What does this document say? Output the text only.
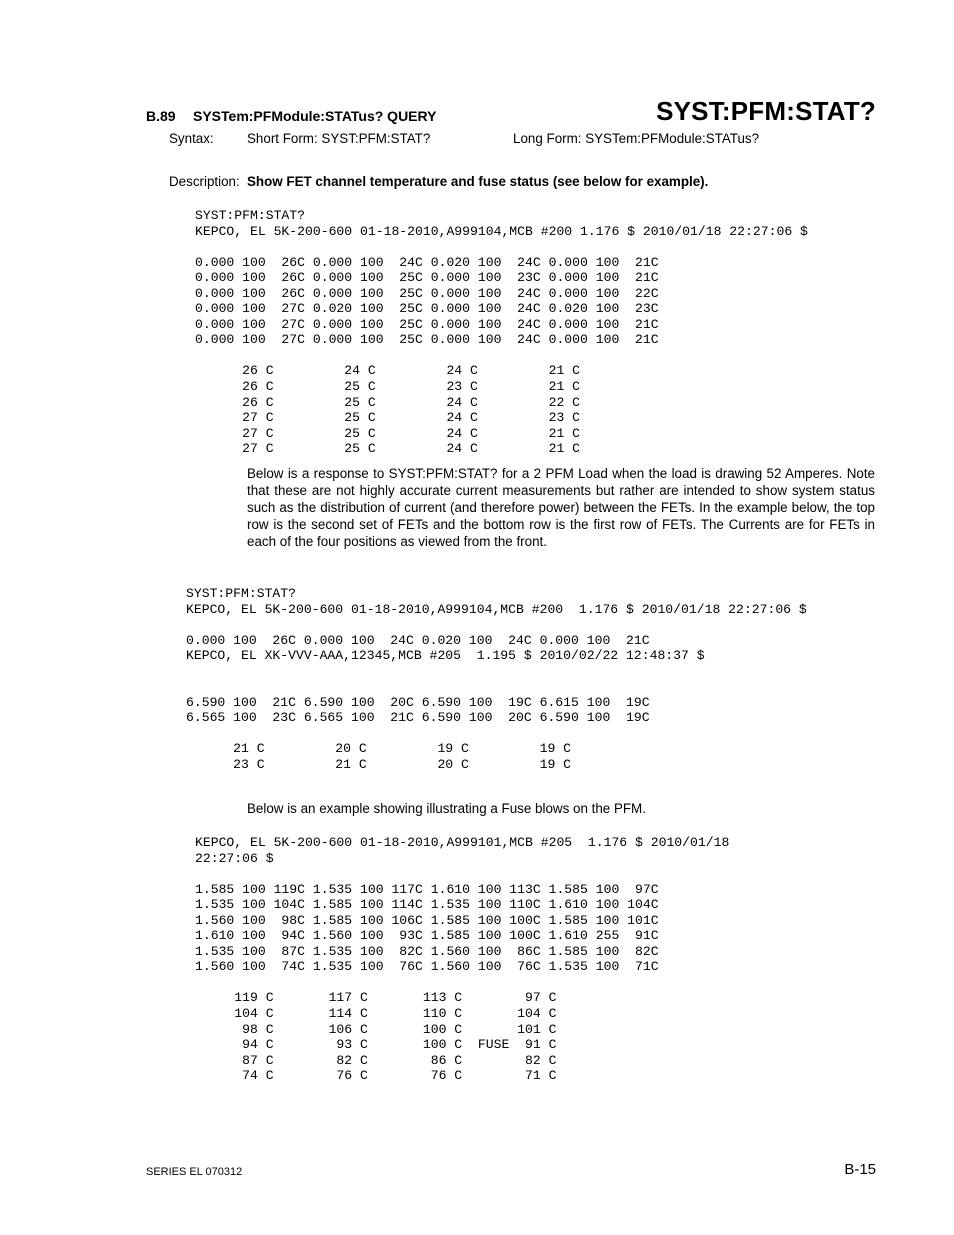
B.89 SYSTem:PFModule:STATus? QUERY	SYST:PFM:STAT?
Syntax: Short Form: SYST:PFM:STAT?	Long Form: SYSTem:PFModule:STATus?
Description: Show FET channel temperature and fuse status (see below for example).
SYST:PFM:STAT?
KEPCO, EL 5K-200-600 01-18-2010,A999104,MCB #200 1.176 $ 2010/01/18 22:27:06 $

0.000 100  26C 0.000 100  24C 0.020 100  24C 0.000 100  21C
0.000 100  26C 0.000 100  25C 0.000 100  23C 0.000 100  21C
0.000 100  26C 0.000 100  25C 0.000 100  24C 0.000 100  22C
0.000 100  27C 0.020 100  25C 0.000 100  24C 0.020 100  23C
0.000 100  27C 0.000 100  25C 0.000 100  24C 0.000 100  21C
0.000 100  27C 0.000 100  25C 0.000 100  24C 0.000 100  21C

26 C         24 C         24 C         21 C
26 C         25 C         23 C         21 C
26 C         25 C         24 C         22 C
27 C         25 C         24 C         23 C
27 C         25 C         24 C         21 C
27 C         25 C         24 C         21 C
Below is a response to SYST:PFM:STAT? for a 2 PFM Load when the load is drawing 52 Amperes. Note that these are not highly accurate current measurements but rather are intended to show system status such as the distribution of current (and therefore power) between the FETs. In the example below, the top row is the second set of FETs and the bottom row is the first row of FETs. The Currents are for FETs in each of the four positions as viewed from the front.
SYST:PFM:STAT?
KEPCO, EL 5K-200-600 01-18-2010,A999104,MCB #200  1.176 $ 2010/01/18 22:27:06 $

0.000 100  26C 0.000 100  24C 0.020 100  24C 0.000 100  21C
KEPCO, EL XK-VVV-AAA,12345,MCB #205  1.195 $ 2010/02/22 12:48:37 $

6.590 100  21C 6.590 100  20C 6.590 100  19C 6.615 100  19C
6.565 100  23C 6.565 100  21C 6.590 100  20C 6.590 100  19C

21 C         20 C         19 C         19 C
23 C         21 C         20 C         19 C
Below is an example showing illustrating a Fuse blows on the PFM.
KEPCO, EL 5K-200-600 01-18-2010,A999101,MCB #205  1.176 $ 2010/01/18
22:27:06 $

1.585 100 119C 1.535 100 117C 1.610 100 113C 1.585 100  97C
1.535 100 104C 1.585 100 114C 1.535 100 110C 1.610 100 104C
1.560 100  98C 1.585 100 106C 1.585 100 100C 1.585 100 101C
1.610 100  94C 1.560 100  93C 1.585 100 100C 1.610 255  91C
1.535 100  87C 1.535 100  82C 1.560 100  86C 1.585 100  82C
1.560 100  74C 1.535 100  76C 1.560 100  76C 1.535 100  71C

119 C       117 C       113 C        97 C
104 C       114 C       110 C       104 C
98 C       106 C       100 C       101 C
94 C        93 C       100 C  FUSE  91 C
87 C        82 C        86 C        82 C
74 C        76 C        76 C        71 C
SERIES EL 070312	B-15
